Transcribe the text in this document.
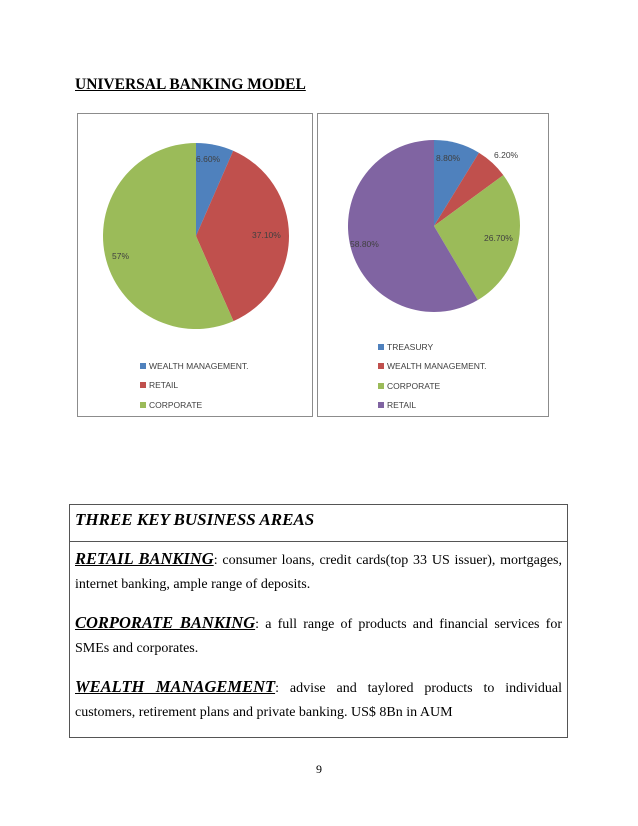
UNIVERSAL BANKING MODEL
6.60%
37.10%
57%
WEALTH MANAGEMENT.
RETAIL
CORPORATE
8.80%	6.20%
26.70%
58.80%
TREASURY
WEALTH MANAGEMENT.
CORPORATE
RETAIL
THREE KEY BUSINESS AREAS
RETAIL BANKING: consumer loans, credit cards(top 33 US issuer), mortgages, internet banking, ample range of deposits.
CORPORATE BANKING: a full range of products and financial services for SMEs and corporates.
WEALTH MANAGEMENT: advise and taylored products to individual customers, retirement plans and private banking. US$ 8Bn in AUM
9
